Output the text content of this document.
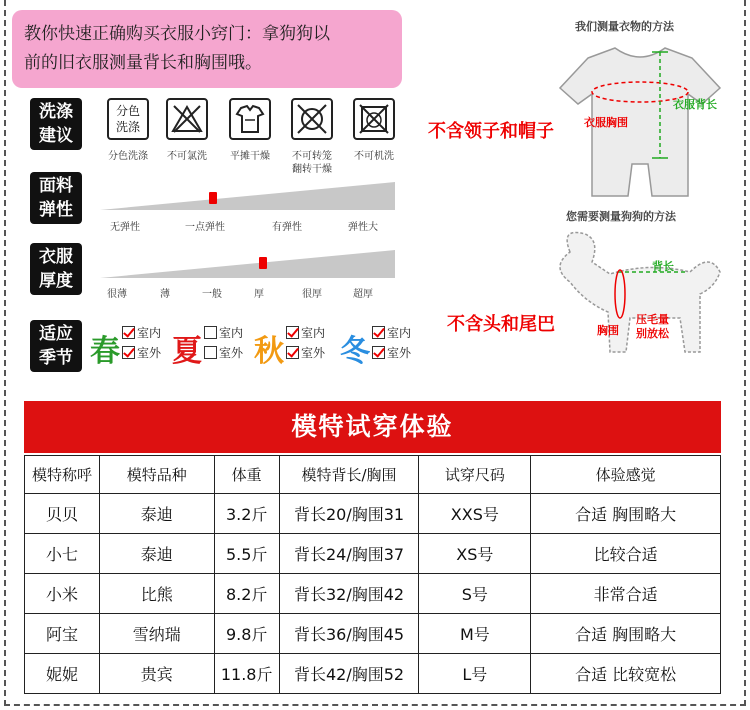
教你快速正确购买衣服小窍门：拿狗狗以
前的旧衣服测量背长和胸围哦。
洗涤
建议
面料
弹性
衣服
厚度
适应
季节
分色
洗涤
分色洗涤	不可氯洗	平摊干燥	不可转笼
翻转干燥
不可机洗
无弹性	一点弹性	有弹性	弹性大
很薄	薄	一般	厚	很厚	超厚
春
室内
室外 夏
室内
室外 秋
室内
室外 冬
室内
室外
我们测量衣物的方法
衣服胸围
衣服背长
不含领子和帽子
您需要测量狗狗的方法
背长
胸围
压毛量
别放松
不含头和尾巴
模特试穿体验
模特称呼	模特品种	体重	模特背长/胸围	试穿尺码	体验感觉
贝贝	泰迪	3.2斤	背长20/胸围31	XXS号	合适 胸围略大
小七	泰迪	5.5斤	背长24/胸围37	XS号	比较合适
小米	比熊	8.2斤	背长32/胸围42	S号	非常合适
阿宝	雪纳瑞	9.8斤	背长36/胸围45	M号	合适 胸围略大
妮妮	贵宾	11.8斤	背长42/胸围52	L号	合适 比较宽松
